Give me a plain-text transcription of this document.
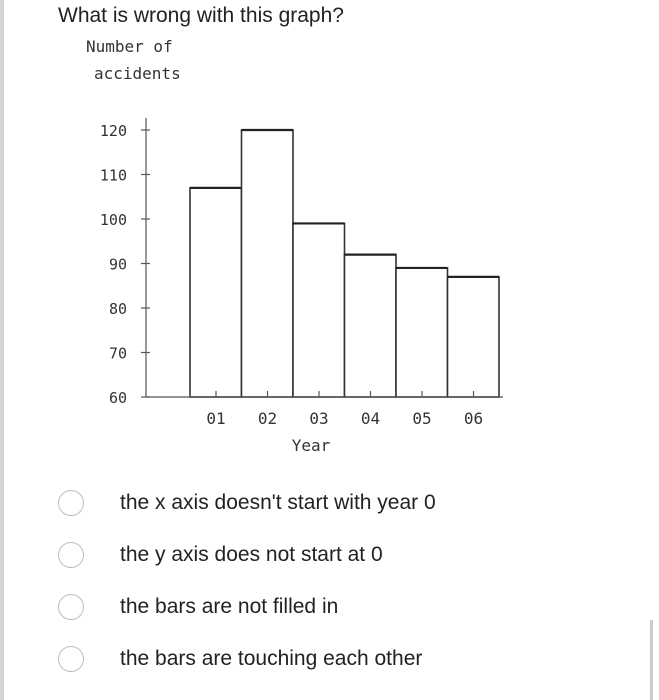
What is wrong with this graph?
Number of
accidents
60
70
80
90
100
110
120
01 02 03 04 05 06
Year
the x axis doesn't start with year 0
the y axis does not start at 0
the bars are not filled in
the bars are touching each other
